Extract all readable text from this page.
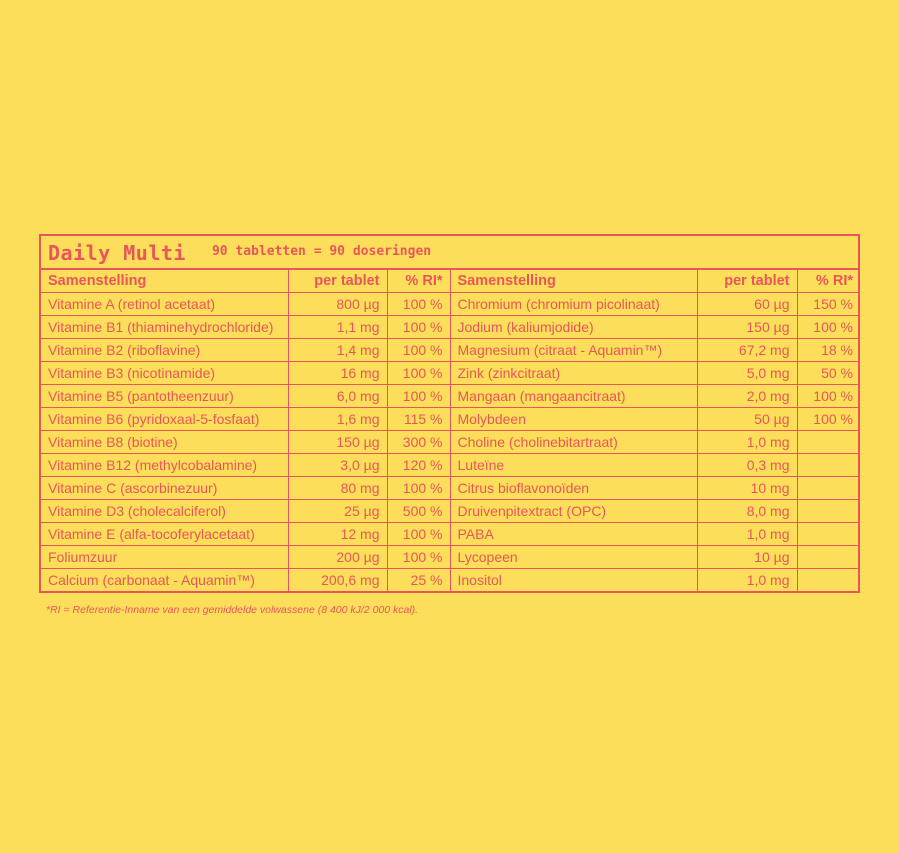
Daily Multi 90 tabletten = 90 doseringen
Samenstelling	per tablet	% RI*	Samenstelling	per tablet	% RI*
Vitamine A (retinol acetaat)	800 µg	100 %	Chromium (chromium picolinaat)	60 µg	150 %
Vitamine B1 (thiaminehydrochloride)	1,1 mg	100 %	Jodium (kaliumjodide)	150 µg	100 %
Vitamine B2 (riboflavine)	1,4 mg	100 %	Magnesium (citraat - Aquamin™)	67,2 mg	18 %
Vitamine B3 (nicotinamide)	16 mg	100 %	Zink (zinkcitraat)	5,0 mg	50 %
Vitamine B5 (pantotheenzuur)	6,0 mg	100 %	Mangaan (mangaancitraat)	2,0 mg	100 %
Vitamine B6 (pyridoxaal-5-fosfaat)	1,6 mg	115 %	Molybdeen	50 µg	100 %
Vitamine B8 (biotine)	150 µg	300 %	Choline (cholinebitartraat)	1,0 mg	
Vitamine B12 (methylcobalamine)	3,0 µg	120 %	Luteïne	0,3 mg	
Vitamine C (ascorbinezuur)	80 mg	100 %	Citrus bioflavonoïden	10 mg	
Vitamine D3 (cholecalciferol)	25 µg	500 %	Druivenpitextract (OPC)	8,0 mg	
Vitamine E (alfa-tocoferylacetaat)	12 mg	100 %	PABA	1,0 mg	
Foliumzuur	200 µg	100 %	Lycopeen	10 µg	
Calcium (carbonaat - Aquamin™)	200,6 mg	25 %	Inositol	1,0 mg	
*RI = Referentie-Inname van een gemiddelde volwassene (8 400 kJ/2 000 kcal).
